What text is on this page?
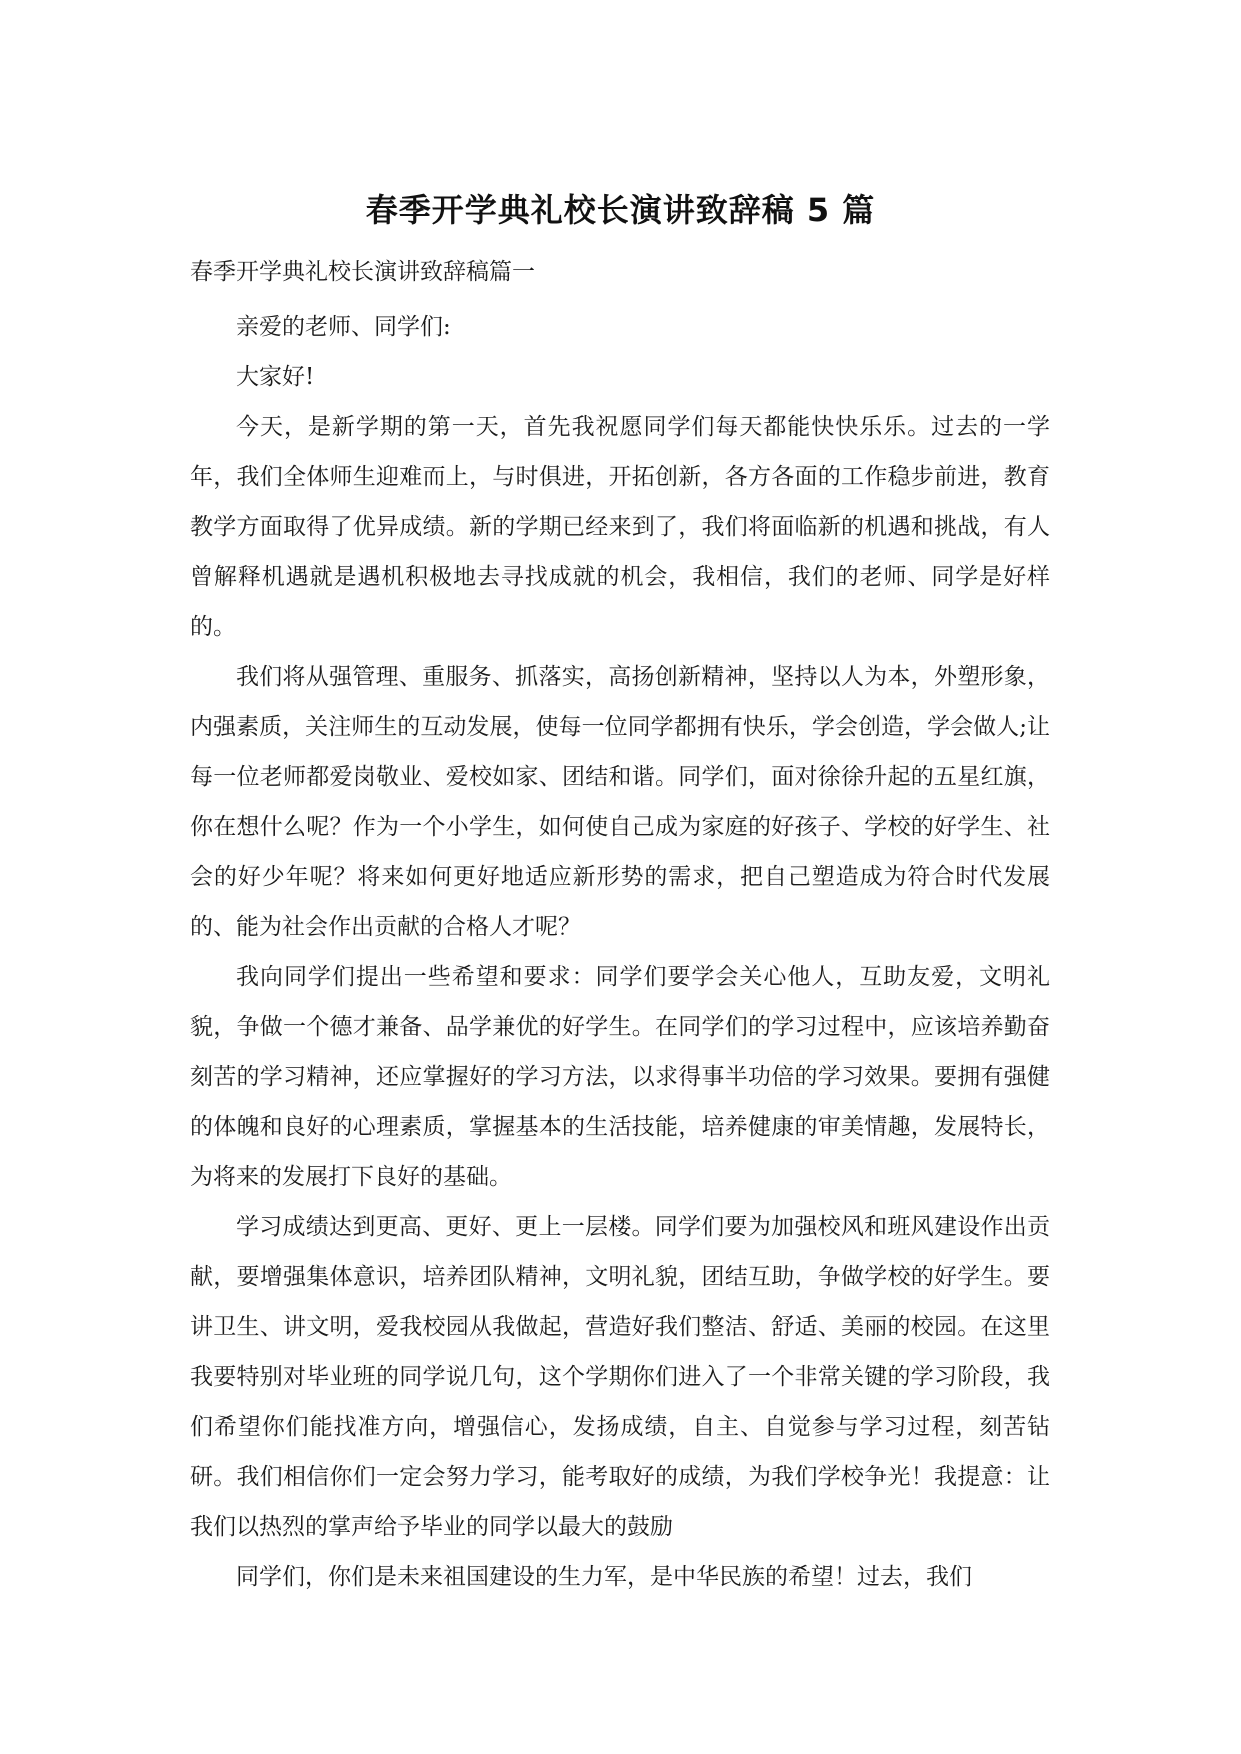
春季开学典礼校长演讲致辞稿 5 篇
春季开学典礼校长演讲致辞稿篇一

亲爱的老师、同学们:

大家好!

今天，是新学期的第一天，首先我祝愿同学们每天都能快快乐乐。过去的一学年，我们全体师生迎难而上，与时俱进，开拓创新，各方各面的工作稳步前进，教育教学方面取得了优异成绩。新的学期已经来到了，我们将面临新的机遇和挑战，有人曾解释机遇就是遇机积极地去寻找成就的机会，我相信，我们的老师、同学是好样的。

我们将从强管理、重服务、抓落实，高扬创新精神，坚持以人为本，外塑形象，内强素质，关注师生的互动发展，使每一位同学都拥有快乐，学会创造，学会做人;让每一位老师都爱岗敬业、爱校如家、团结和谐。同学们，面对徐徐升起的五星红旗，你在想什么呢？作为一个小学生，如何使自己成为家庭的好孩子、学校的好学生、社会的好少年呢？将来如何更好地适应新形势的需求，把自己塑造成为符合时代发展的、能为社会作出贡献的合格人才呢？

我向同学们提出一些希望和要求：同学们要学会关心他人，互助友爱，文明礼貌，争做一个德才兼备、品学兼优的好学生。在同学们的学习过程中，应该培养勤奋刻苦的学习精神，还应掌握好的学习方法，以求得事半功倍的学习效果。要拥有强健的体魄和良好的心理素质，掌握基本的生活技能，培养健康的审美情趣，发展特长，为将来的发展打下良好的基础。

学习成绩达到更高、更好、更上一层楼。同学们要为加强校风和班风建设作出贡献，要增强集体意识，培养团队精神，文明礼貌，团结互助，争做学校的好学生。要讲卫生、讲文明，爱我校园从我做起，营造好我们整洁、舒适、美丽的校园。在这里我要特别对毕业班的同学说几句，这个学期你们进入了一个非常关键的学习阶段，我们希望你们能找准方向，增强信心，发扬成绩，自主、自觉参与学习过程，刻苦钻研。我们相信你们一定会努力学习，能考取好的成绩，为我们学校争光！我提意：让我们以热烈的掌声给予毕业的同学以最大的鼓励

同学们，你们是未来祖国建设的生力军，是中华民族的希望！过去，我们
